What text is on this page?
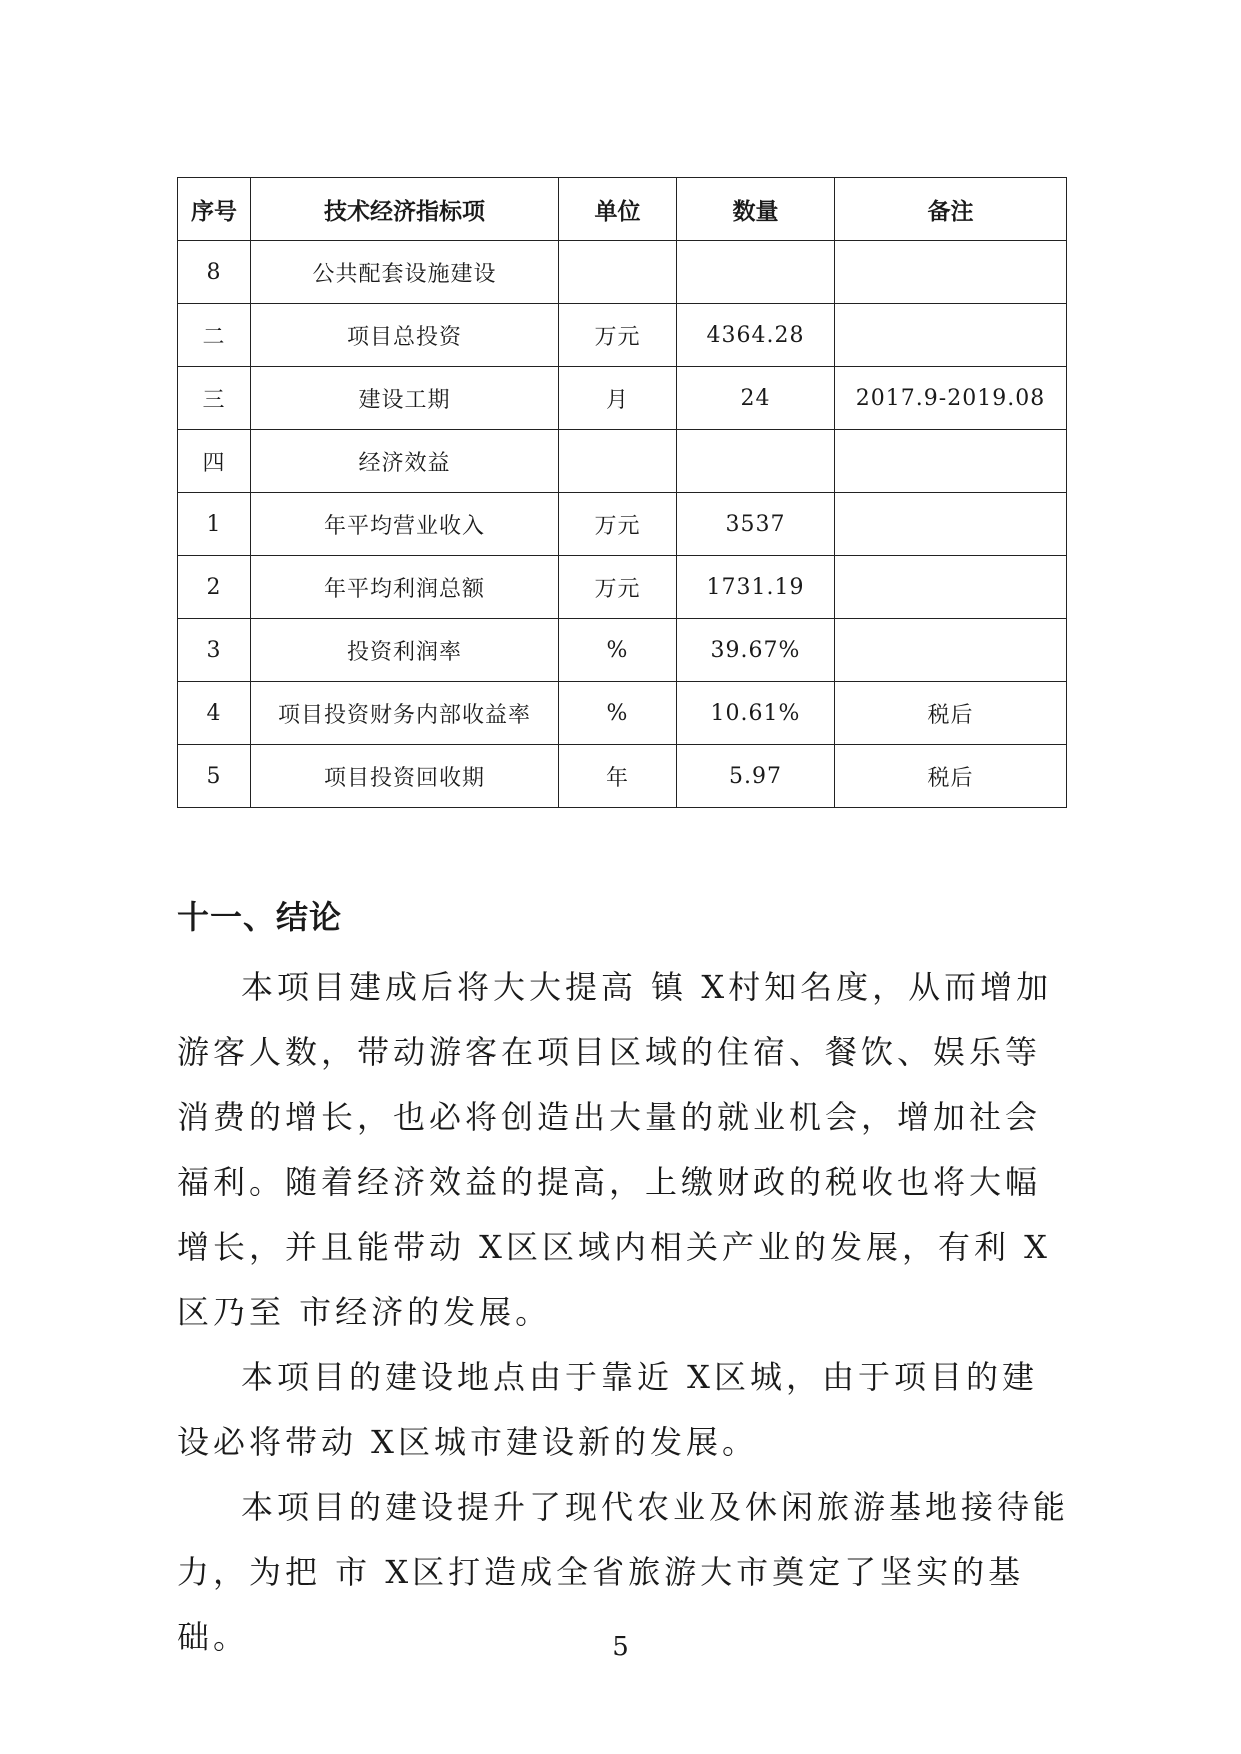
序号	技术经济指标项	单位	数量	备注
8	公共配套设施建设			
二	项目总投资	万元	4364.28	
三	建设工期	月	24	2017.9-2019.08
四	经济效益			
1	年平均营业收入	万元	3537	
2	年平均利润总额	万元	1731.19	
3	投资利润率	%	39.67%	
4	项目投资财务内部收益率	%	10.61%	税后
5	项目投资回收期	年	5.97	税后
十一、结论

本项目建成后将大大提高 镇 X村知名度，从而增加游客人数，带动游客在项目区域的住宿、餐饮、娱乐等消费的增长，也必将创造出大量的就业机会，增加社会福利。随着经济效益的提高，上缴财政的税收也将大幅增长，并且能带动 X区区域内相关产业的发展，有利 X区乃至 市经济的发展。

本项目的建设地点由于靠近 X区城，由于项目的建设必将带动 X区城市建设新的发展。

本项目的建设提升了现代农业及休闲旅游基地接待能力，为把 市 X区打造成全省旅游大市奠定了坚实的基础。	5
